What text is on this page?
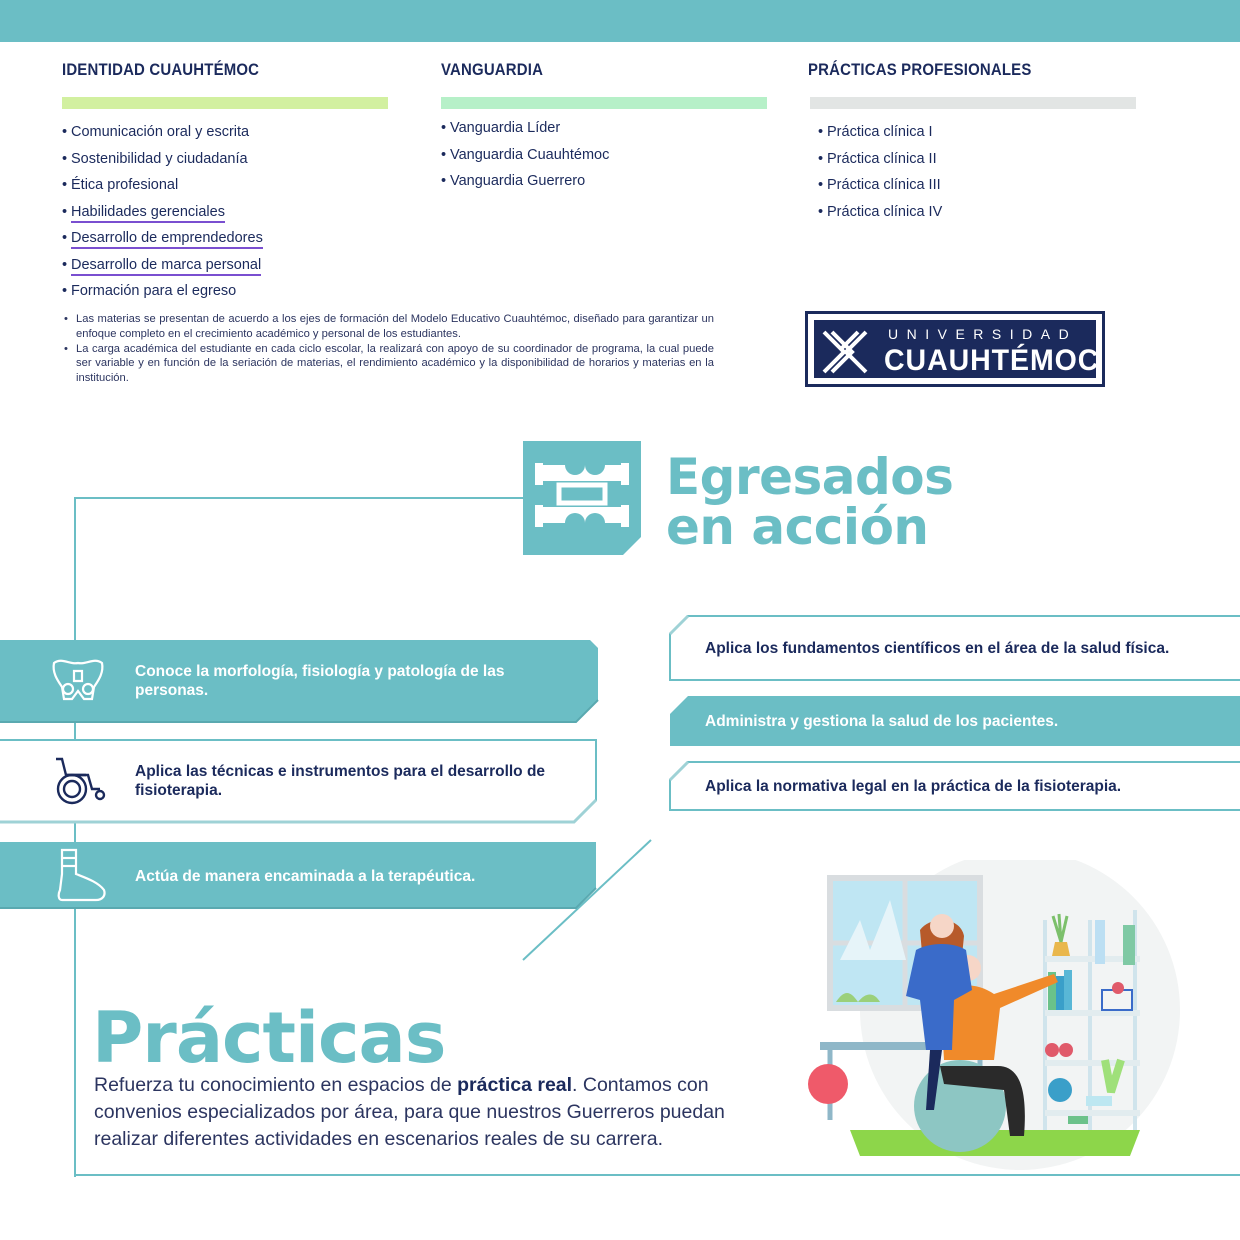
IDENTIDAD CUAUHTÉMOC
• Comunicación oral y escrita
• Sostenibilidad y ciudadanía
• Ética profesional
• Habilidades gerenciales
• Desarrollo de emprendedores
• Desarrollo de marca personal
• Formación para el egreso
VANGUARDIA
• Vanguardia Líder
• Vanguardia Cuauhtémoc
• Vanguardia Guerrero
PRÁCTICAS PROFESIONALES
• Práctica clínica I
• Práctica clínica II
• Práctica clínica III
• Práctica clínica IV

• Las materias se presentan de acuerdo a los ejes de formación del Modelo Educativo Cuauhtémoc, diseñado para garantizar un enfoque completo en el crecimiento académico y personal de los estudiantes.

• La carga académica del estudiante en cada ciclo escolar, la realizará con apoyo de su coordinador de programa, la cual puede ser variable y en función de la seriación de materias, el rendimiento académico y la disponibilidad de horarios y materias en la institución.

UNIVERSIDAD
CUAUHTÉMOC
Egresados
en acción
Conoce la morfología, fisiología y patología de las personas.
Aplica las técnicas e instrumentos para el desarrollo de fisioterapia.
Actúa de manera encaminada a la terapéutica.
Aplica los fundamentos científicos en el área de la salud física.
Administra y gestiona la salud de los pacientes.
Aplica la normativa legal en la práctica de la fisioterapia.
Prácticas
Refuerza tu conocimiento en espacios de práctica real. Contamos con convenios especializados por área, para que nuestros Guerreros puedan realizar diferentes actividades en escenarios reales de su carrera.
